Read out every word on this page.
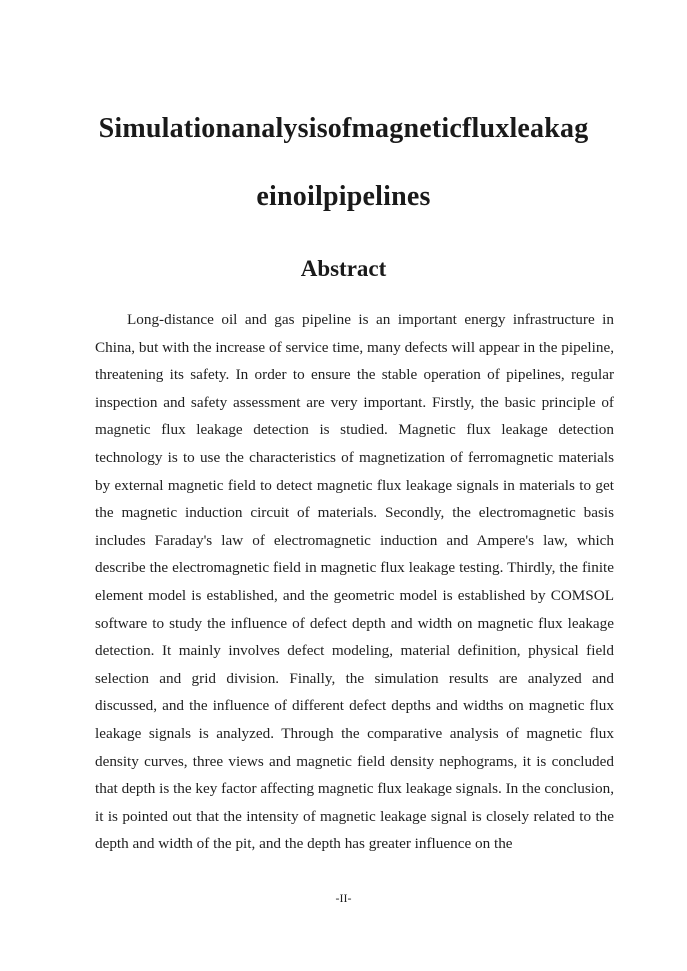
Simulationanalysisofmagneticfluxleakag
einoilpipelines
Abstract

Long-distance oil and gas pipeline is an important energy infrastructure in China, but with the increase of service time, many defects will appear in the pipeline, threatening its safety. In order to ensure the stable operation of pipelines, regular inspection and safety assessment are very important. Firstly, the basic principle of magnetic flux leakage detection is studied. Magnetic flux leakage detection technology is to use the characteristics of magnetization of ferromagnetic materials by external magnetic field to detect magnetic flux leakage signals in materials to get the magnetic induction circuit of materials. Secondly, the electromagnetic basis includes Faraday's law of electromagnetic induction and Ampere's law, which describe the electromagnetic field in magnetic flux leakage testing. Thirdly, the finite element model is established, and the geometric model is established by COMSOL software to study the influence of defect depth and width on magnetic flux leakage detection. It mainly involves defect modeling, material definition, physical field selection and grid division. Finally, the simulation results are analyzed and discussed, and the influence of different defect depths and widths on magnetic flux leakage signals is analyzed. Through the comparative analysis of magnetic flux density curves, three views and magnetic field density nephograms, it is concluded that depth is the key factor affecting magnetic flux leakage signals. In the conclusion, it is pointed out that the intensity of magnetic leakage signal is closely related to the depth and width of the pit, and the depth has greater influence on the

-II-
